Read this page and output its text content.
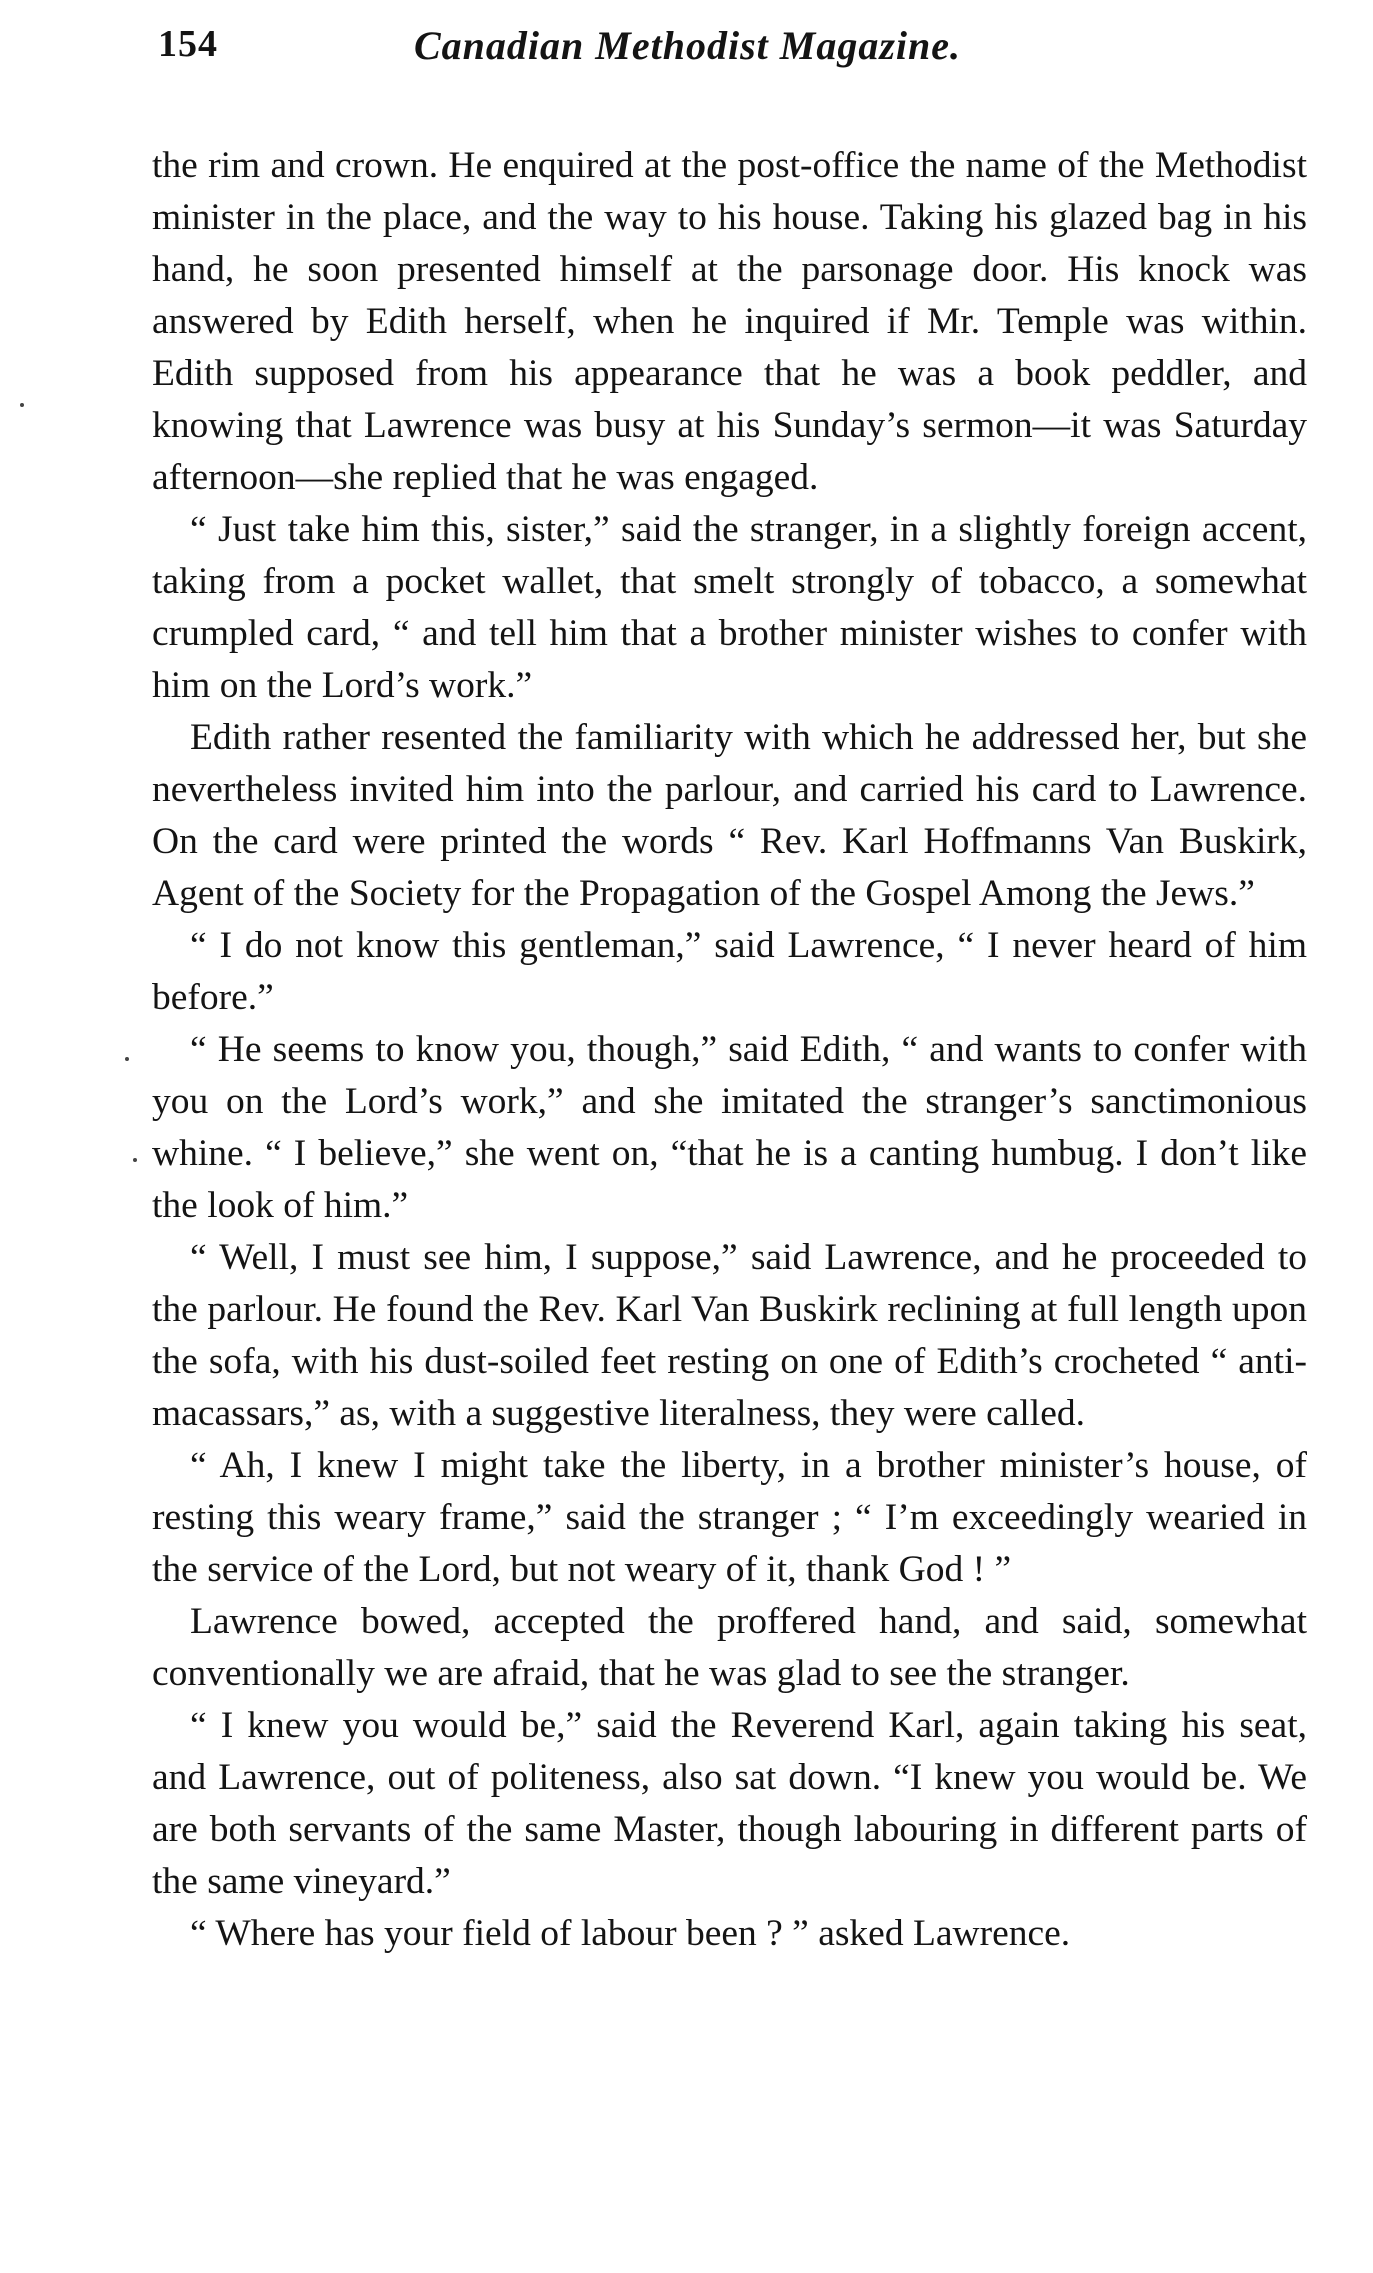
154	Canadian Methodist Magazine.

the rim and crown. He enquired at the post-office the name of the Methodist minister in the place, and the way to his house. Taking his glazed bag in his hand, he soon presented himself at the parsonage door. His knock was answered by Edith herself, when he inquired if Mr. Temple was within. Edith supposed from his appearance that he was a book peddler, and knowing that Lawrence was busy at his Sunday’s sermon—it was Saturday afternoon—she replied that he was engaged.

“ Just take him this, sister,” said the stranger, in a slightly foreign accent, taking from a pocket wallet, that smelt strongly of tobacco, a somewhat crumpled card, “ and tell him that a brother minister wishes to confer with him on the Lord’s work.”

Edith rather resented the familiarity with which he addressed her, but she nevertheless invited him into the parlour, and carried his card to Lawrence. On the card were printed the words “ Rev. Karl Hoffmanns Van Buskirk, Agent of the Society for the Propagation of the Gospel Among the Jews.”

“ I do not know this gentleman,” said Lawrence, “ I never heard of him before.”

“ He seems to know you, though,” said Edith, “ and wants to confer with you on the Lord’s work,” and she imitated the stranger’s sanctimonious whine. “ I believe,” she went on, “that he is a canting humbug. I don’t like the look of him.”

“ Well, I must see him, I suppose,” said Lawrence, and he proceeded to the parlour. He found the Rev. Karl Van Buskirk reclining at full length upon the sofa, with his dust-soiled feet resting on one of Edith’s crocheted “ anti-macassars,” as, with a suggestive literalness, they were called.

“ Ah, I knew I might take the liberty, in a brother minister’s house, of resting this weary frame,” said the stranger ; “ I’m exceedingly wearied in the service of the Lord, but not weary of it, thank God ! ”

Lawrence bowed, accepted the proffered hand, and said, somewhat conventionally we are afraid, that he was glad to see the stranger.

“ I knew you would be,” said the Reverend Karl, again taking his seat, and Lawrence, out of politeness, also sat down. “I knew you would be. We are both servants of the same Master, though labouring in different parts of the same vineyard.”

“ Where has your field of labour been ? ” asked Lawrence.
